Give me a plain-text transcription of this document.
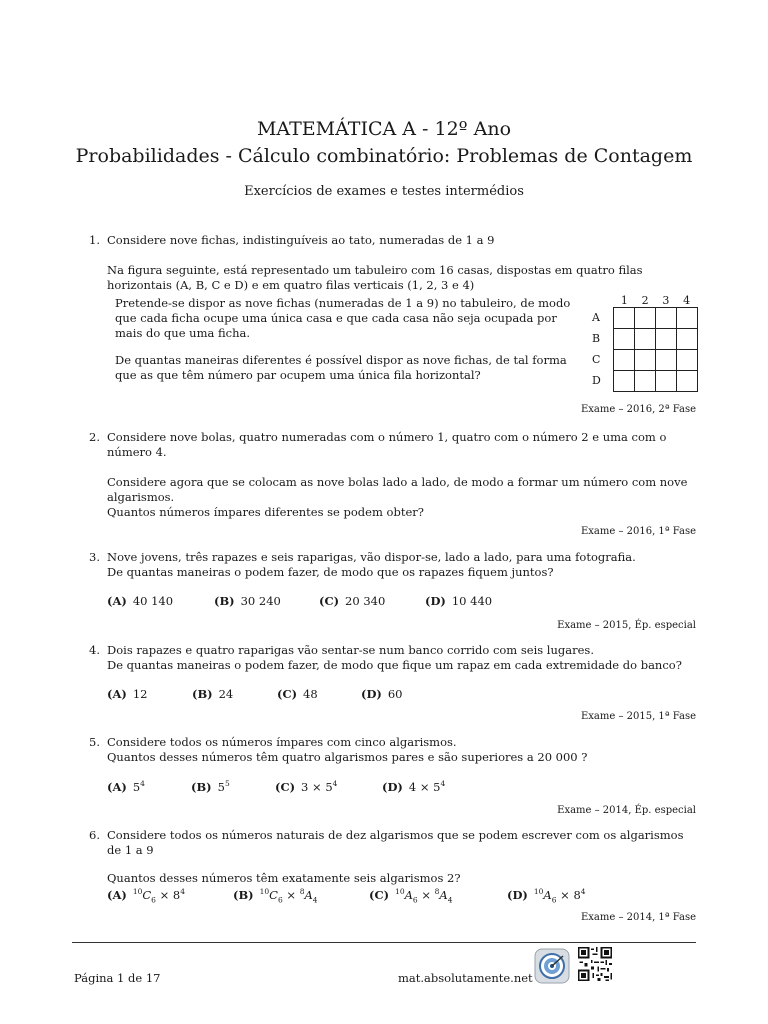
MATEMÁTICA A - 12º Ano
Probabilidades - Cálculo combinatório: Problemas de Contagem
Exercícios de exames e testes intermédios
1. Considere nove fichas, indistinguíveis ao tato, numeradas de 1 a 9

Na figura seguinte, está representado um tabuleiro com 16 casas, dispostas em quatro filas horizontais (A, B, C e D) e em quatro filas verticais (1, 2, 3 e 4)

Pretende-se dispor as nove fichas (numeradas de 1 a 9) no tabuleiro, de modo que cada ficha ocupe uma única casa e que cada casa não seja ocupada por mais do que uma ficha.

De quantas maneiras diferentes é possível dispor as nove fichas, de tal forma que as que têm número par ocupem uma única fila horizontal?

1	2	3	4
A
B
C
D
Exame – 2016, 2ª Fase
2. Considere nove bolas, quatro numeradas com o número 1, quatro com o número 2 e uma com o número 4.

Considere agora que se colocam as nove bolas lado a lado, de modo a formar um número com nove algarismos.

Quantos números ímpares diferentes se podem obter?

Exame – 2016, 1ª Fase
3. Nove jovens, três rapazes e seis raparigas, vão dispor-se, lado a lado, para uma fotografia.

De quantas maneiras o podem fazer, de modo que os rapazes fiquem juntos?

(A) 40 140	(B) 30 240	(C) 20 340	(D) 10 440
Exame – 2015, Ép. especial
4. Dois rapazes e quatro raparigas vão sentar-se num banco corrido com seis lugares.

De quantas maneiras o podem fazer, de modo que fique um rapaz em cada extremidade do banco?

(A) 12	(B) 24	(C) 48	(D) 60
Exame – 2015, 1ª Fase
5. Considere todos os números ímpares com cinco algarismos.

Quantos desses números têm quatro algarismos pares e são superiores a 20 000 ?

(A) $5^4$	(B) $5^5$	(C) $3 \times 5^4$	(D) $4 \times 5^4$
Exame – 2014, Ép. especial
6. Considere todos os números naturais de dez algarismos que se podem escrever com os algarismos de 1 a 9

Quantos desses números têm exatamente seis algarismos 2?

(A) $^{10}C_6 \times 8^4$	(B) $^{10}C_6 \times ^8A_4$	(C) $^{10}A_6 \times ^8A_4$	(D) $^{10}A_6 \times 8^4$
Exame – 2014, 1ª Fase
Página 1 de 17	mat.absolutamente.net
